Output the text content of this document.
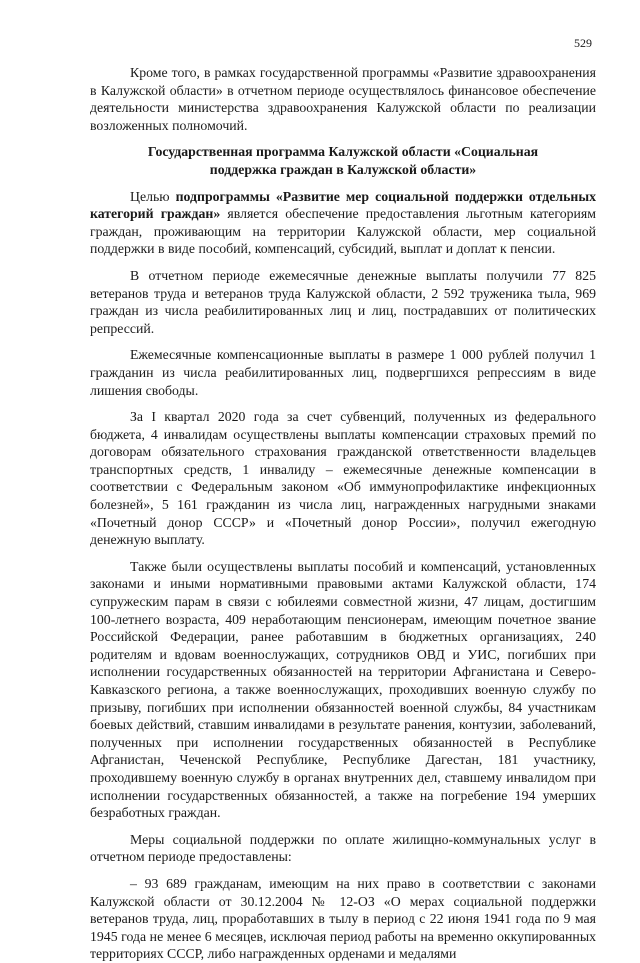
529

Кроме того, в рамках государственной программы «Развитие здравоохранения в Калужской области» в отчетном периоде осуществлялось финансовое обеспечение деятельности министерства здравоохранения Калужской области по реализации возложенных полномочий.

Государственная программа Калужской области «Социальная поддержка граждан в Калужской области»

Целью подпрограммы «Развитие мер социальной поддержки отдельных категорий граждан» является обеспечение предоставления льготным категориям граждан, проживающим на территории Калужской области, мер социальной поддержки в виде пособий, компенсаций, субсидий, выплат и доплат к пенсии.

В отчетном периоде ежемесячные денежные выплаты получили 77 825 ветеранов труда и ветеранов труда Калужской области, 2 592 труженика тыла, 969 граждан из числа реабилитированных лиц и лиц, пострадавших от политических репрессий.

Ежемесячные компенсационные выплаты в размере 1 000 рублей получил 1 гражданин из числа реабилитированных лиц, подвергшихся репрессиям в виде лишения свободы.

За I квартал 2020 года за счет субвенций, полученных из федерального бюджета, 4 инвалидам осуществлены выплаты компенсации страховых премий по договорам обязательного страхования гражданской ответственности владельцев транспортных средств, 1 инвалиду – ежемесячные денежные компенсации в соответствии с Федеральным законом «Об иммунопрофилактике инфекционных болезней», 5 161 гражданин из числа лиц, награжденных нагрудными знаками «Почетный донор СССР» и «Почетный донор России», получил ежегодную денежную выплату.

Также были осуществлены выплаты пособий и компенсаций, установленных законами и иными нормативными правовыми актами Калужской области, 174 супружеским парам в связи с юбилеями совместной жизни, 47 лицам, достигшим 100-летнего возраста, 409 неработающим пенсионерам, имеющим почетное звание Российской Федерации, ранее работавшим в бюджетных организациях, 240 родителям и вдовам военнослужащих, сотрудников ОВД и УИС, погибших при исполнении государственных обязанностей на территории Афганистана и Северо-Кавказского региона, а также военнослужащих, проходивших военную службу по призыву, погибших при исполнении обязанностей военной службы, 84 участникам боевых действий, ставшим инвалидами в результате ранения, контузии, заболеваний, полученных при исполнении государственных обязанностей в Республике Афганистан, Чеченской Республике, Республике Дагестан, 181 участнику, проходившему военную службу в органах внутренних дел, ставшему инвалидом при исполнении государственных обязанностей, а также на погребение 194 умерших безработных граждан.

Меры социальной поддержки по оплате жилищно-коммунальных услуг в отчетном периоде предоставлены:

– 93 689 гражданам, имеющим на них право в соответствии с законами Калужской области от 30.12.2004 № 12-ОЗ «О мерах социальной поддержки ветеранов труда, лиц, проработавших в тылу в период с 22 июня 1941 года по 9 мая 1945 года не менее 6 месяцев, исключая период работы на временно оккупированных территориях СССР, либо награжденных орденами и медалями
